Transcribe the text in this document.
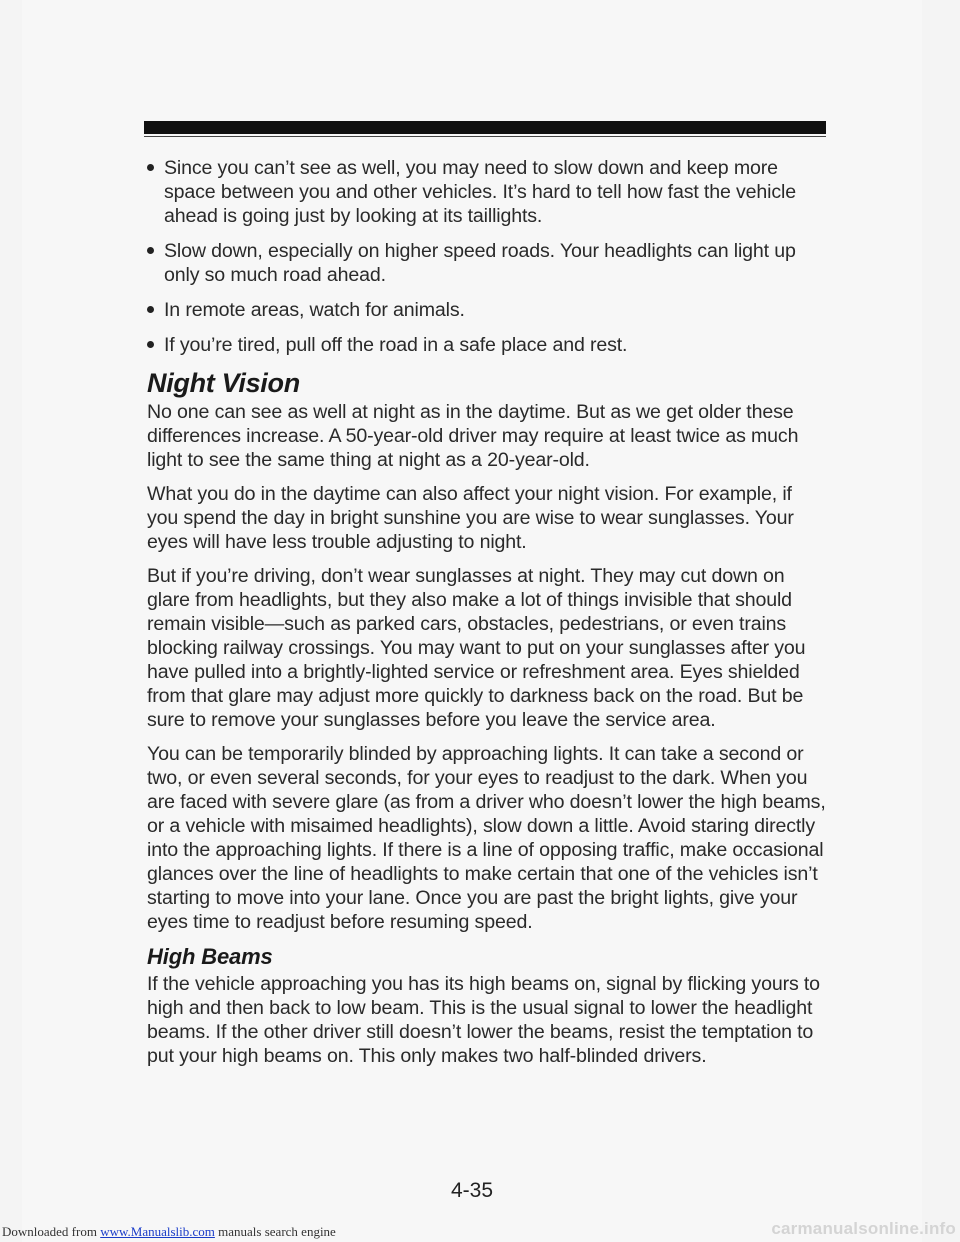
Since you can’t see as well, you may need to slow down and keep more space between you and other vehicles. It’s hard to tell how fast the vehicle ahead is going just by looking at its taillights.
Slow down, especially on higher speed roads. Your headlights can light up only so much road ahead.
In remote areas, watch for animals.
If you’re tired, pull off the road in a safe place and rest.
Night Vision

No one can see as well at night as in the daytime. But as we get older these differences increase. A 50-year-old driver may require at least twice as much light to see the same thing at night as a 20-year-old.

What you do in the daytime can also affect your night vision. For example, if you spend the day in bright sunshine you are wise to wear sunglasses. Your eyes will have less trouble adjusting to night.

But if you’re driving, don’t wear sunglasses at night. They may cut down on glare from headlights, but they also make a lot of things invisible that should remain visible—such as parked cars, obstacles, pedestrians, or even trains blocking railway crossings. You may want to put on your sunglasses after you have pulled into a brightly-lighted service or refreshment area. Eyes shielded from that glare may adjust more quickly to darkness back on the road. But be sure to remove your sunglasses before you leave the service area.

You can be temporarily blinded by approaching lights. It can take a second or two, or even several seconds, for your eyes to readjust to the dark. When you are faced with severe glare (as from a driver who doesn’t lower the high beams, or a vehicle with misaimed headlights), slow down a little. Avoid staring directly into the approaching lights. If there is a line of opposing traffic, make occasional glances over the line of headlights to make certain that one of the vehicles isn’t starting to move into your lane. Once you are past the bright lights, give your eyes time to readjust before resuming speed.

High Beams

If the vehicle approaching you has its high beams on, signal by flicking yours to high and then back to low beam. This is the usual signal to lower the headlight beams. If the other driver still doesn’t lower the beams, resist the temptation to put your high beams on. This only makes two half-blinded drivers.

4-35
Downloaded from www.Manualslib.com manuals search engine	carmanualsonline.info
